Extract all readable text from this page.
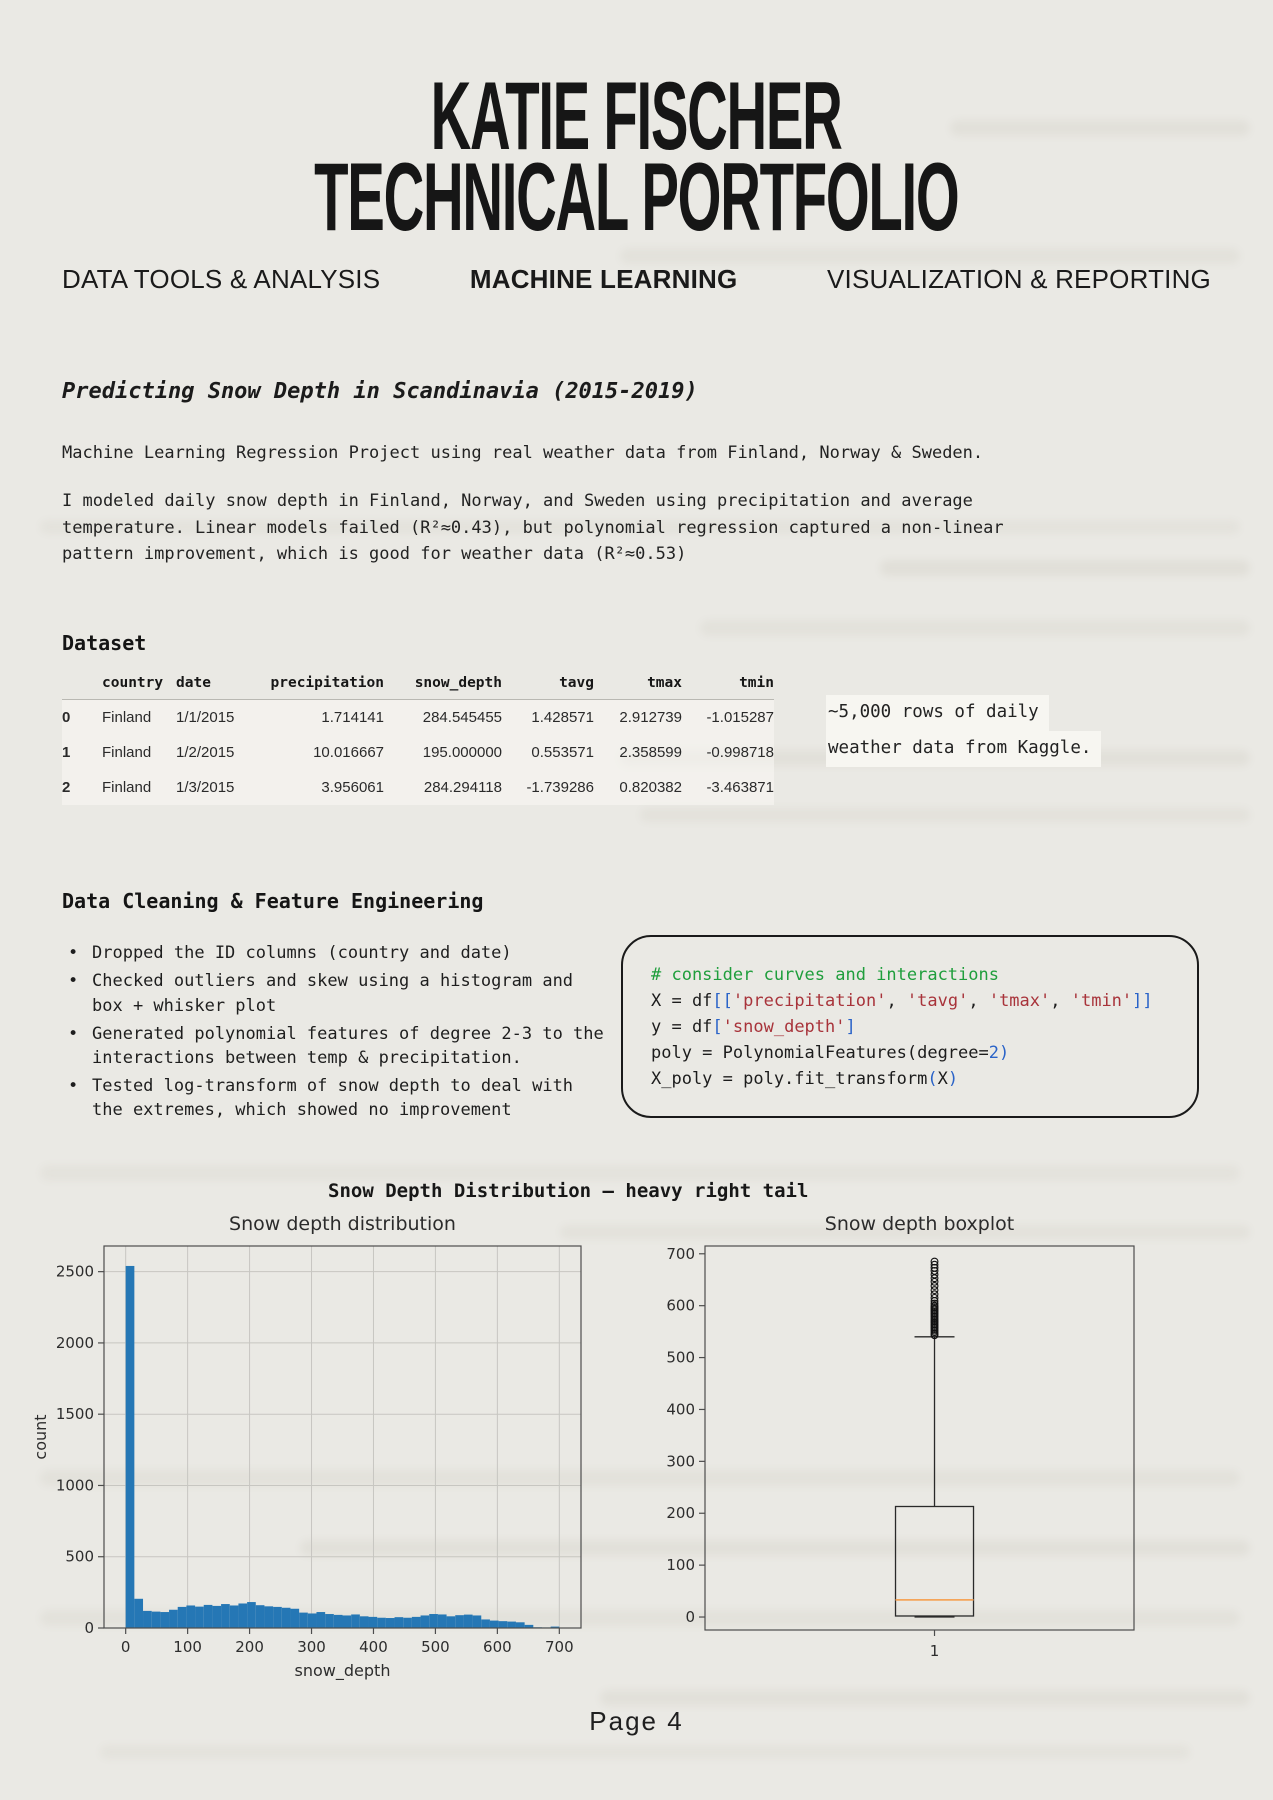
KATIE FISCHER
TECHNICAL PORTFOLIO
DATA TOOLS & ANALYSIS	MACHINE LEARNING	VISUALIZATION & REPORTING
Predicting Snow Depth in Scandinavia (2015-2019)
Machine Learning Regression Project using real weather data from Finland, Norway & Sweden.
I modeled daily snow depth in Finland, Norway, and Sweden using precipitation and average temperature. Linear models failed (R²≈0.43), but polynomial regression captured a non-linear pattern improvement, which is good for weather data (R²≈0.53)
Dataset
	country	date	precipitation	snow_depth	tavg	tmax	tmin
0	Finland	1/1/2015	1.714141	284.545455	1.428571	2.912739	-1.015287
1	Finland	1/2/2015	10.016667	195.000000	0.553571	2.358599	-0.998718
2	Finland	1/3/2015	3.956061	284.294118	-1.739286	0.820382	-3.463871
~5,000 rows of daily
weather data from Kaggle.
Data Cleaning & Feature Engineering
• Dropped the ID columns (country and date)
• Checked outliers and skew using a histogram and box + whisker plot
• Generated polynomial features of degree 2-3 to the interactions between temp & precipitation.
• Tested log-transform of snow depth to deal with the extremes, which showed no improvement
# consider curves and interactions
X = df[['precipitation', 'tavg', 'tmax', 'tmin']]
y = df['snow_depth']
poly = PolynomialFeatures(degree=2)
X_poly = poly.fit_transform(X)
Snow Depth Distribution — heavy right tail
0
500
1000
1500
2000
2500
0	100 200 300 400 500 600 700
snow_depth
count
Snow depth distribution
0
100
200
300
400
500
600
700
1
Snow depth boxplot
Page 4
